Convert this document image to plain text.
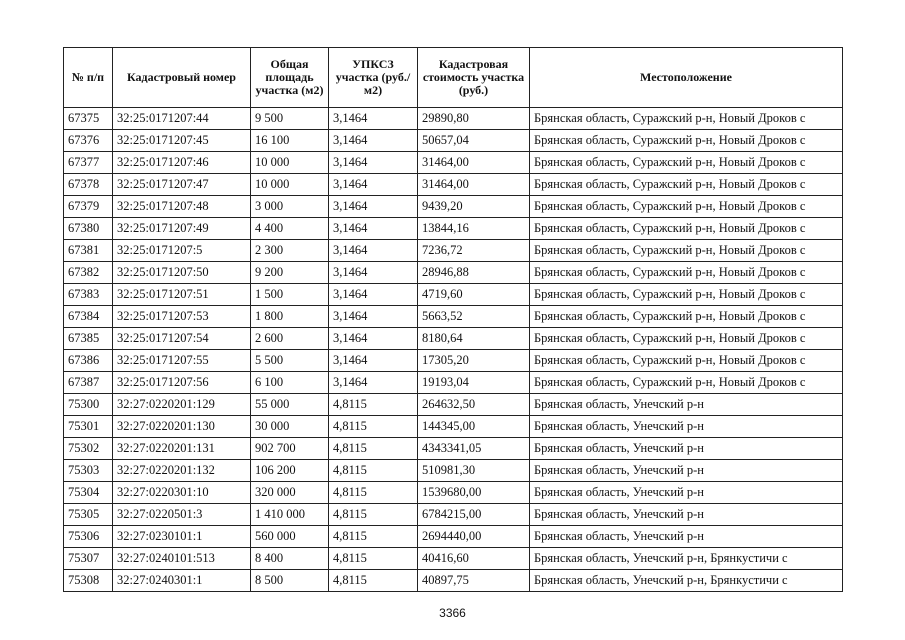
№ п/п	Кадастровый номер	Общая площадь участка (м2)	УПКСЗ участка (руб./м2)	Кадастровая стоимость участка (руб.)	Местоположение
67375	32:25:0171207:44	9 500	3,1464	29890,80	Брянская область, Суражский р-н, Новый Дроков с
67376	32:25:0171207:45	16 100	3,1464	50657,04	Брянская область, Суражский р-н, Новый Дроков с
67377	32:25:0171207:46	10 000	3,1464	31464,00	Брянская область, Суражский р-н, Новый Дроков с
67378	32:25:0171207:47	10 000	3,1464	31464,00	Брянская область, Суражский р-н, Новый Дроков с
67379	32:25:0171207:48	3 000	3,1464	9439,20	Брянская область, Суражский р-н, Новый Дроков с
67380	32:25:0171207:49	4 400	3,1464	13844,16	Брянская область, Суражский р-н, Новый Дроков с
67381	32:25:0171207:5	2 300	3,1464	7236,72	Брянская область, Суражский р-н, Новый Дроков с
67382	32:25:0171207:50	9 200	3,1464	28946,88	Брянская область, Суражский р-н, Новый Дроков с
67383	32:25:0171207:51	1 500	3,1464	4719,60	Брянская область, Суражский р-н, Новый Дроков с
67384	32:25:0171207:53	1 800	3,1464	5663,52	Брянская область, Суражский р-н, Новый Дроков с
67385	32:25:0171207:54	2 600	3,1464	8180,64	Брянская область, Суражский р-н, Новый Дроков с
67386	32:25:0171207:55	5 500	3,1464	17305,20	Брянская область, Суражский р-н, Новый Дроков с
67387	32:25:0171207:56	6 100	3,1464	19193,04	Брянская область, Суражский р-н, Новый Дроков с
75300	32:27:0220201:129	55 000	4,8115	264632,50	Брянская область, Унечский р-н
75301	32:27:0220201:130	30 000	4,8115	144345,00	Брянская область, Унечский р-н
75302	32:27:0220201:131	902 700	4,8115	4343341,05	Брянская область, Унечский р-н
75303	32:27:0220201:132	106 200	4,8115	510981,30	Брянская область, Унечский р-н
75304	32:27:0220301:10	320 000	4,8115	1539680,00	Брянская область, Унечский р-н
75305	32:27:0220501:3	1 410 000	4,8115	6784215,00	Брянская область, Унечский р-н
75306	32:27:0230101:1	560 000	4,8115	2694440,00	Брянская область, Унечский р-н
75307	32:27:0240101:513	8 400	4,8115	40416,60	Брянская область, Унечский р-н, Брянкустичи с
75308	32:27:0240301:1	8 500	4,8115	40897,75	Брянская область, Унечский р-н, Брянкустичи с
3366
